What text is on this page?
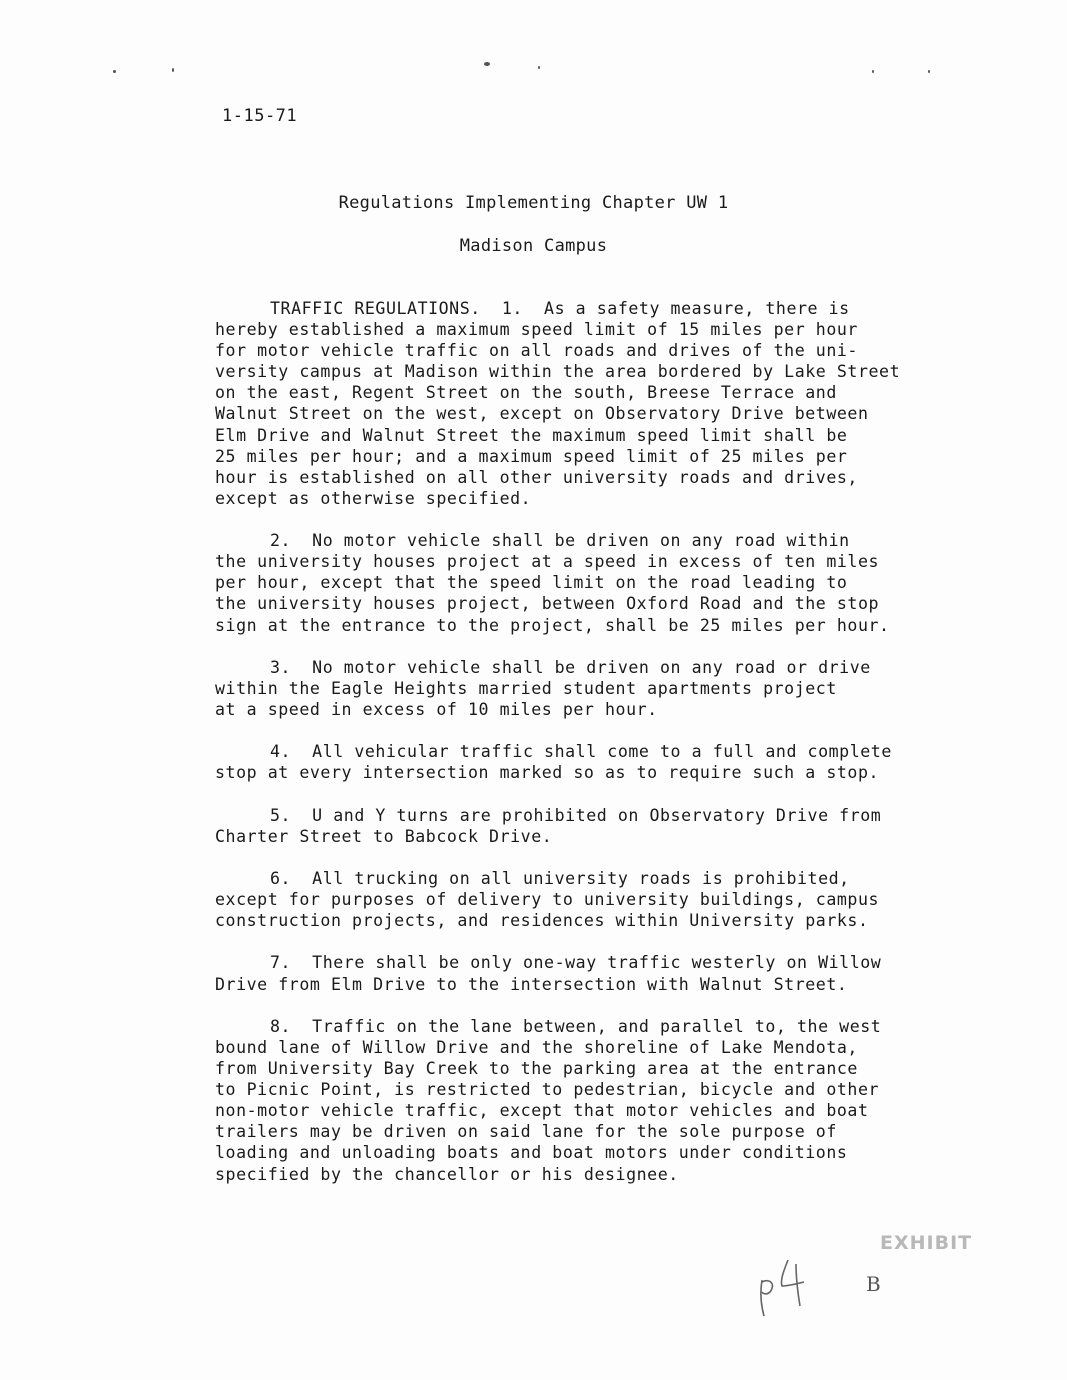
1-15-71
Regulations Implementing Chapter UW 1
Madison Campus
TRAFFIC REGULATIONS.  1.  As a safety measure, there is
hereby established a maximum speed limit of 15 miles per hour
for motor vehicle traffic on all roads and drives of the uni-
versity campus at Madison within the area bordered by Lake Street
on the east, Regent Street on the south, Breese Terrace and
Walnut Street on the west, except on Observatory Drive between
Elm Drive and Walnut Street the maximum speed limit shall be
25 miles per hour; and a maximum speed limit of 25 miles per
hour is established on all other university roads and drives,
except as otherwise specified.
2.  No motor vehicle shall be driven on any road within
the university houses project at a speed in excess of ten miles
per hour, except that the speed limit on the road leading to
the university houses project, between Oxford Road and the stop
sign at the entrance to the project, shall be 25 miles per hour.
3.  No motor vehicle shall be driven on any road or drive
within the Eagle Heights married student apartments project
at a speed in excess of 10 miles per hour.
4.  All vehicular traffic shall come to a full and complete
stop at every intersection marked so as to require such a stop.
5.  U and Y turns are prohibited on Observatory Drive from
Charter Street to Babcock Drive.
6.  All trucking on all university roads is prohibited,
except for purposes of delivery to university buildings, campus
construction projects, and residences within University parks.
7.  There shall be only one-way traffic westerly on Willow
Drive from Elm Drive to the intersection with Walnut Street.
8.  Traffic on the lane between, and parallel to, the west
bound lane of Willow Drive and the shoreline of Lake Mendota,
from University Bay Creek to the parking area at the entrance
to Picnic Point, is restricted to pedestrian, bicycle and other
non-motor vehicle traffic, except that motor vehicles and boat
trailers may be driven on said lane for the sole purpose of
loading and unloading boats and boat motors under conditions
specified by the chancellor or his designee.
EXHIBIT
B
